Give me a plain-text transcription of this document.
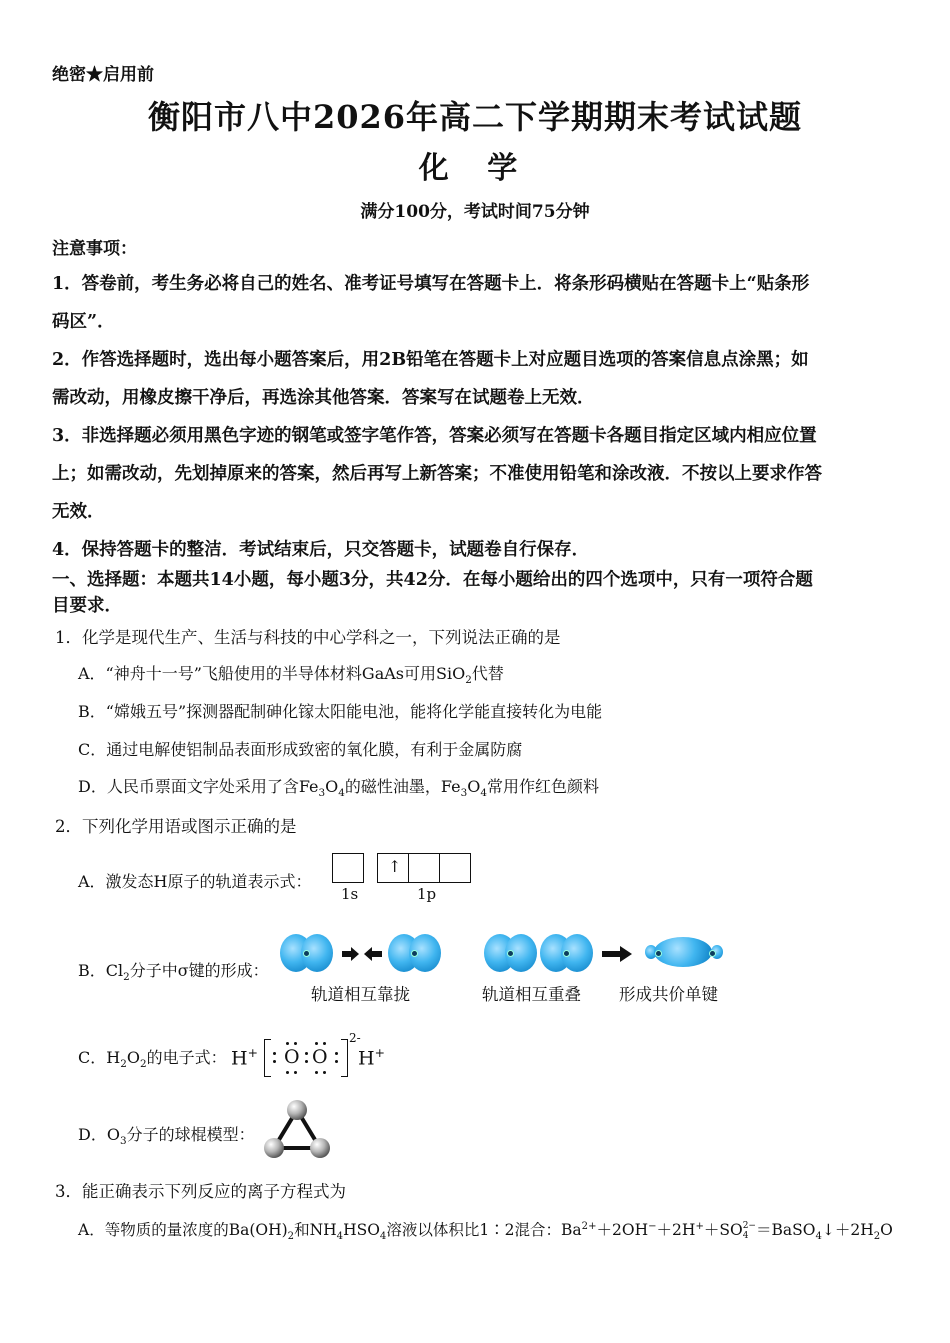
绝密★启用前
衡阳市八中2026年高二下学期期末考试试题
化 学
满分100分，考试时间75分钟
注意事项：
1．答卷前，考生务必将自己的姓名、准考证号填写在答题卡上．将条形码横贴在答题卡上“贴条形
码区”．
2．作答选择题时，选出每小题答案后，用2B铅笔在答题卡上对应题目选项的答案信息点涂黑；如
需改动，用橡皮擦干净后，再选涂其他答案．答案写在试题卷上无效．
3．非选择题必须用黑色字迹的钢笔或签字笔作答，答案必须写在答题卡各题目指定区域内相应位置
上；如需改动，先划掉原来的答案，然后再写上新答案；不准使用铅笔和涂改液．不按以上要求作答
无效．
4．保持答题卡的整洁．考试结束后，只交答题卡，试题卷自行保存．
一、选择题：本题共14小题，每小题3分，共42分．在每小题给出的四个选项中，只有一项符合题
目要求．
1．化学是现代生产、生活与科技的中心学科之一，下列说法正确的是
A．“神舟十一号”飞船使用的半导体材料GaAs可用SiO$_2$代替
B．“嫦娥五号”探测器配制砷化镓太阳能电池，能将化学能直接转化为电能
C．通过电解使铝制品表面形成致密的氧化膜，有利于金属防腐
D．人民币票面文字处采用了含$Fe_3O_4$的磁性油墨，$Fe_3O_4$常用作红色颜料
2．下列化学用语或图示正确的是
A．激发态H原子的轨道表示式：
↑
1s	1p
B．$Cl_2$分子中σ键的形成：
轨道相互靠拢	轨道相互重叠 形成共价单键
C．$H_2O_2$的电子式： H+ O O
2-
H+
D．$O_3$分子的球棍模型：
3．能正确表示下列反应的离子方程式为
A．等物质的量浓度的$Ba(OH)_2$和$NH_4HSO_4$溶液以体积比1∶2混合：$Ba^{2+}+2OH^-+2H^++SO$ 2−
$4 =BaSO_4↓+2H_2O$
